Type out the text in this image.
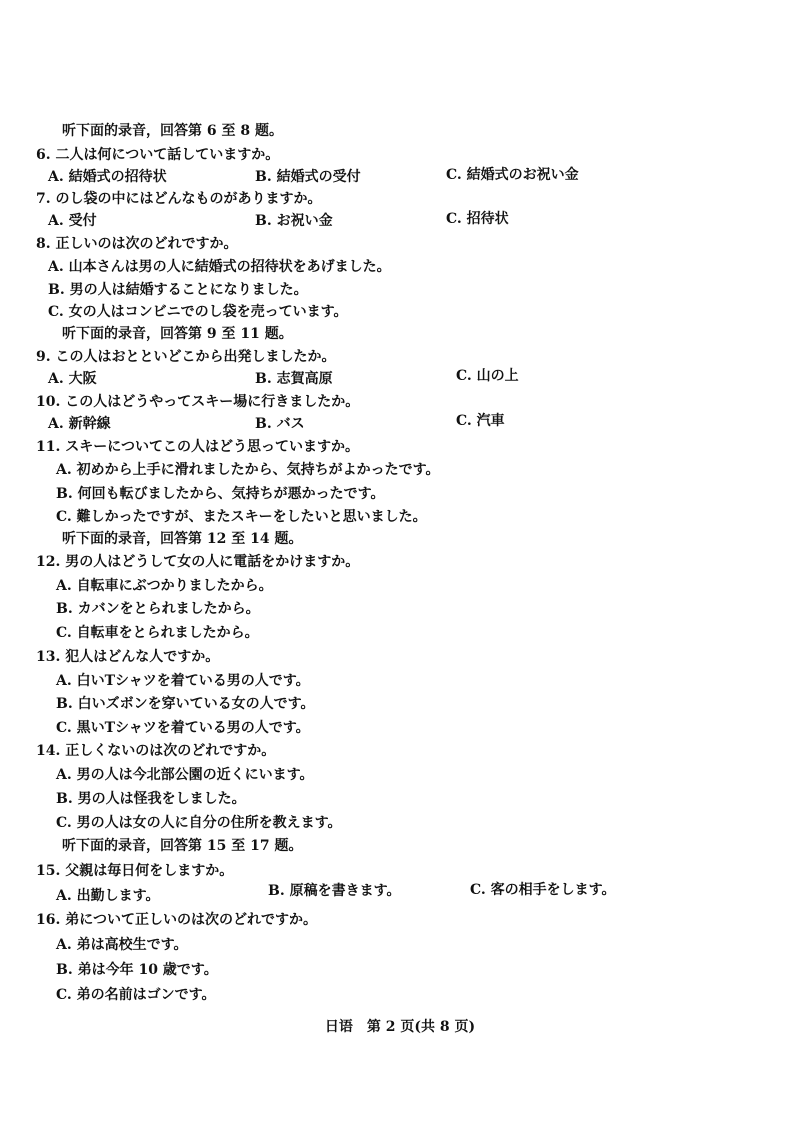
听下面的录音，回答第 6 至 8 题。
6. 二人は何について話していますか。
A. 結婚式の招待状	B. 結婚式の受付	C. 結婚式のお祝い金
7. のし袋の中にはどんなものがありますか。
A. 受付	B. お祝い金	C. 招待状
8. 正しいのは次のどれですか。
A. 山本さんは男の人に結婚式の招待状をあげました。
B. 男の人は結婚することになりました。
C. 女の人はコンビニでのし袋を売っています。
听下面的录音，回答第 9 至 11 题。
9. この人はおとといどこから出発しましたか。
A. 大阪	B. 志賀高原	C. 山の上
10. この人はどうやってスキー場に行きましたか。
A. 新幹線	B. バス	C. 汽車
11. スキーについてこの人はどう思っていますか。
A. 初めから上手に滑れましたから、気持ちがよかったです。
B. 何回も転びましたから、気持ちが悪かったです。
C. 難しかったですが、またスキーをしたいと思いました。
听下面的录音，回答第 12 至 14 题。
12. 男の人はどうして女の人に電話をかけますか。
A. 自転車にぶつかりましたから。
B. カバンをとられましたから。
C. 自転車をとられましたから。
13. 犯人はどんな人ですか。
A. 白いTシャツを着ている男の人です。
B. 白いズボンを穿いている女の人です。
C. 黒いTシャツを着ている男の人です。
14. 正しくないのは次のどれですか。
A. 男の人は今北部公園の近くにいます。
B. 男の人は怪我をしました。
C. 男の人は女の人に自分の住所を教えます。
听下面的录音，回答第 15 至 17 题。
15. 父親は毎日何をしますか。
A. 出勤します。	B. 原稿を書きます。	C. 客の相手をします。
16. 弟について正しいのは次のどれですか。
A. 弟は高校生です。
B. 弟は今年 10 歳です。
C. 弟の名前はゴンです。
日语　第 2 页(共 8 页)
